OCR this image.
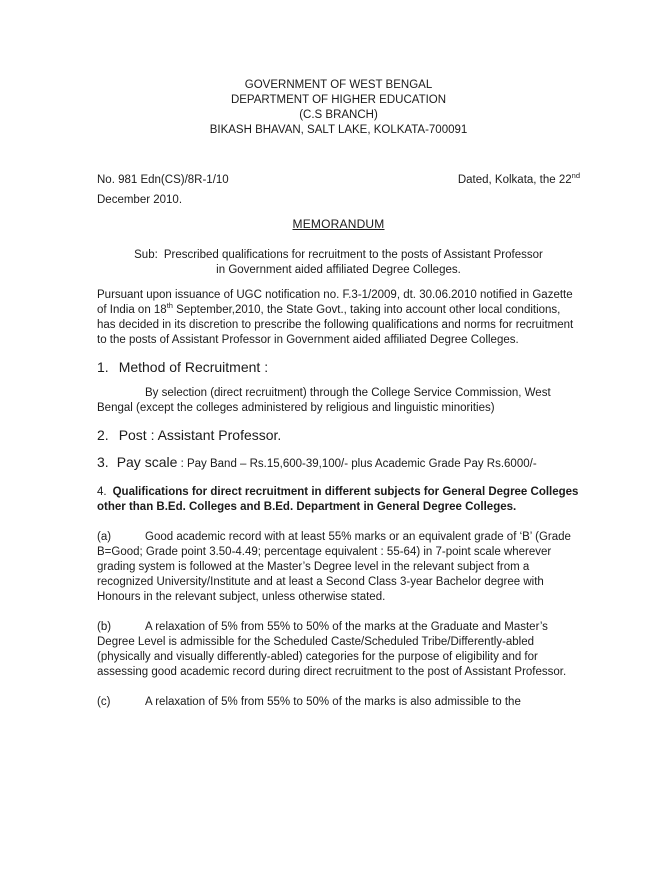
GOVERNMENT OF WEST BENGAL
DEPARTMENT OF HIGHER EDUCATION
(C.S BRANCH)
BIKASH BHAVAN, SALT LAKE, KOLKATA-700091
No. 981 Edn(CS)/8R-1/10	Dated, Kolkata, the 22nd
December 2010.
MEMORANDUM
Sub: Prescribed qualifications for recruitment to the posts of Assistant Professor in Government aided affiliated Degree Colleges.
Pursuant upon issuance of UGC notification no. F.3-1/2009, dt. 30.06.2010 notified in Gazette of India on 18th September,2010, the State Govt., taking into account other local conditions, has decided in its discretion to prescribe the following qualifications and norms for recruitment to the posts of Assistant Professor in Government aided affiliated Degree Colleges.
1. Method of Recruitment :
By selection (direct recruitment) through the College Service Commission, West Bengal (except the colleges administered by religious and linguistic minorities)
2. Post : Assistant Professor.
3. Pay scale : Pay Band – Rs.15,600-39,100/- plus Academic Grade Pay Rs.6000/-
4. Qualifications for direct recruitment in different subjects for General Degree Colleges other than B.Ed. Colleges and B.Ed. Department in General Degree Colleges.
(a)	Good academic record with at least 55% marks or an equivalent grade of ‘B’ (Grade B=Good; Grade point 3.50-4.49; percentage equivalent : 55-64) in 7-point scale wherever grading system is followed at the Master’s Degree level in the relevant subject from a recognized University/Institute and at least a Second Class 3-year Bachelor degree with Honours in the relevant subject, unless otherwise stated.
(b)	A relaxation of 5% from 55% to 50% of the marks at the Graduate and Master’s Degree Level is admissible for the Scheduled Caste/Scheduled Tribe/Differently-abled (physically and visually differently-abled) categories for the purpose of eligibility and for assessing good academic record during direct recruitment to the post of Assistant Professor.
(c)	A relaxation of 5% from 55% to 50% of the marks is also admissible to the
